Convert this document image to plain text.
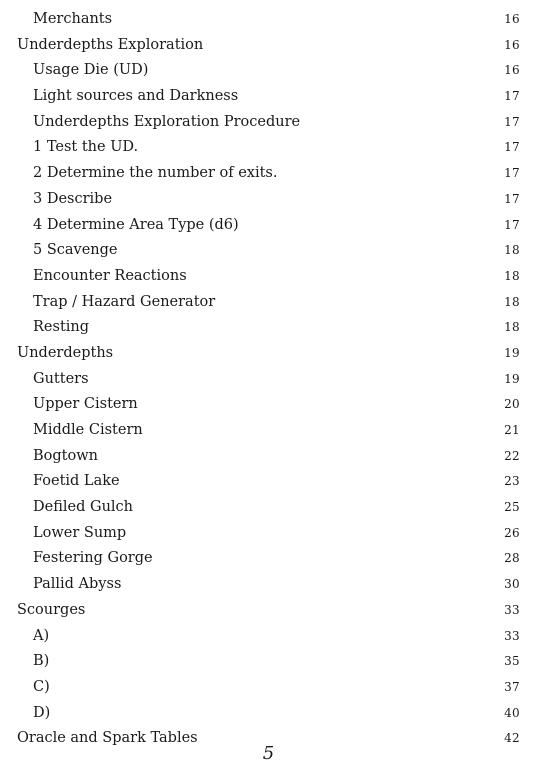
Merchants	16
Underdepths Exploration	16
Usage Die (UD)	16
Light sources and Darkness	17
Underdepths Exploration Procedure	17
1 Test the UD.	17
2 Determine the number of exits.	17
3 Describe	17
4 Determine Area Type (d6)	17
5 Scavenge	18
Encounter Reactions	18
Trap / Hazard Generator	18
Resting	18
Underdepths	19
Gutters	19
Upper Cistern	20
Middle Cistern	21
Bogtown	22
Foetid Lake	23
Defiled Gulch	25
Lower Sump	26
Festering Gorge	28
Pallid Abyss	30
Scourges	33
A)	33
B)	35
C)	37
D)	40
Oracle and Spark Tables	42
5
